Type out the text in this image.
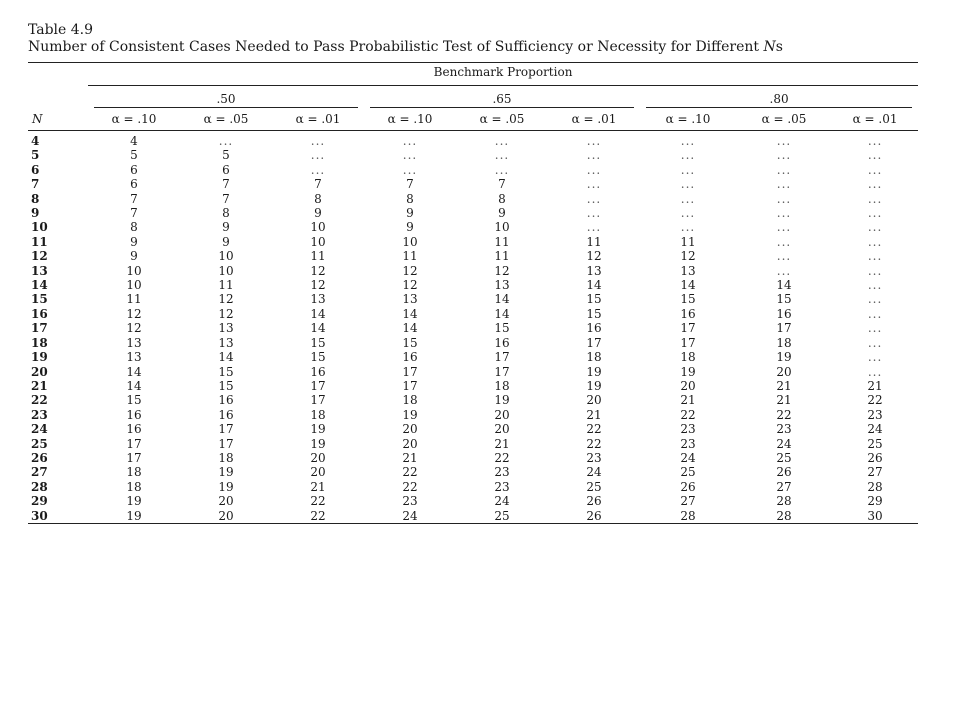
Table 4.9
Number of Consistent Cases Needed to Pass Probabilistic Test of Sufficiency or Necessity for Different Ns
	Benchmark Proportion								

	.50			.65			.80		

N	α = .10	α = .05	α = .01	α = .10	α = .05	α = .01	α = .10	α = .05	α = .01
4	4	...	...	...	...	...	...	...	...
5	5	5	...	...	...	...	...	...	...
6	6	6	...	...	...	...	...	...	...
7	6	7	7	7	7	...	...	...	...
8	7	7	8	8	8	...	...	...	...
9	7	8	9	9	9	...	...	...	...
10	8	9	10	9	10	...	...	...	...
11	9	9	10	10	11	11	11	...	...
12	9	10	11	11	11	12	12	...	...
13	10	10	12	12	12	13	13	...	...
14	10	11	12	12	13	14	14	14	...
15	11	12	13	13	14	15	15	15	...
16	12	12	14	14	14	15	16	16	...
17	12	13	14	14	15	16	17	17	...
18	13	13	15	15	16	17	17	18	...
19	13	14	15	16	17	18	18	19	...
20	14	15	16	17	17	19	19	20	...
21	14	15	17	17	18	19	20	21	21
22	15	16	17	18	19	20	21	21	22
23	16	16	18	19	20	21	22	22	23
24	16	17	19	20	20	22	23	23	24
25	17	17	19	20	21	22	23	24	25
26	17	18	20	21	22	23	24	25	26
27	18	19	20	22	23	24	25	26	27
28	18	19	21	22	23	25	26	27	28
29	19	20	22	23	24	26	27	28	29
30	19	20	22	24	25	26	28	28	30
